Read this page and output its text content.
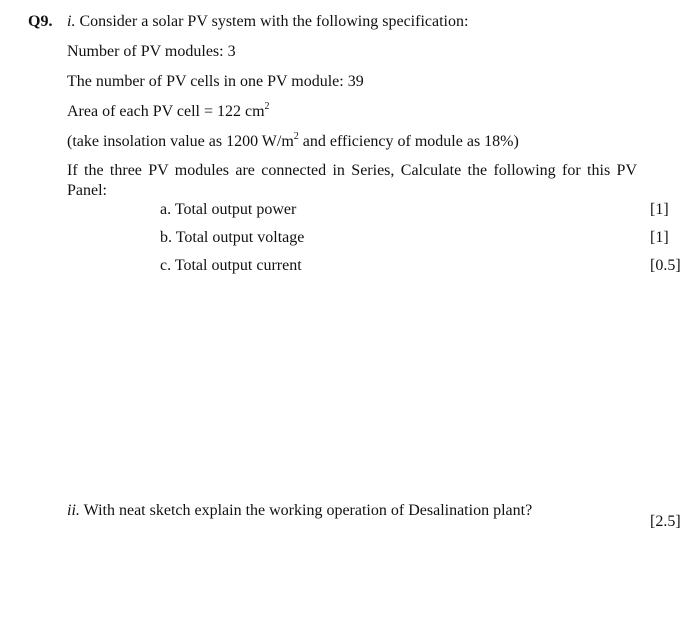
Q9. i. Consider a solar PV system with the following specification:
Number of PV modules: 3
The number of PV cells in one PV module: 39
Area of each PV cell = 122 $cm^2$
(take insolation value as 1200 $W/m^2$ and efficiency of module as 18%)
If the three PV modules are connected in Series, Calculate the following for this PV Panel:
a. Total output power	[1]
b. Total output voltage	[1]
c. Total output current	[0.5]
ii. With neat sketch explain the working operation of Desalination plant?
[2.5]
